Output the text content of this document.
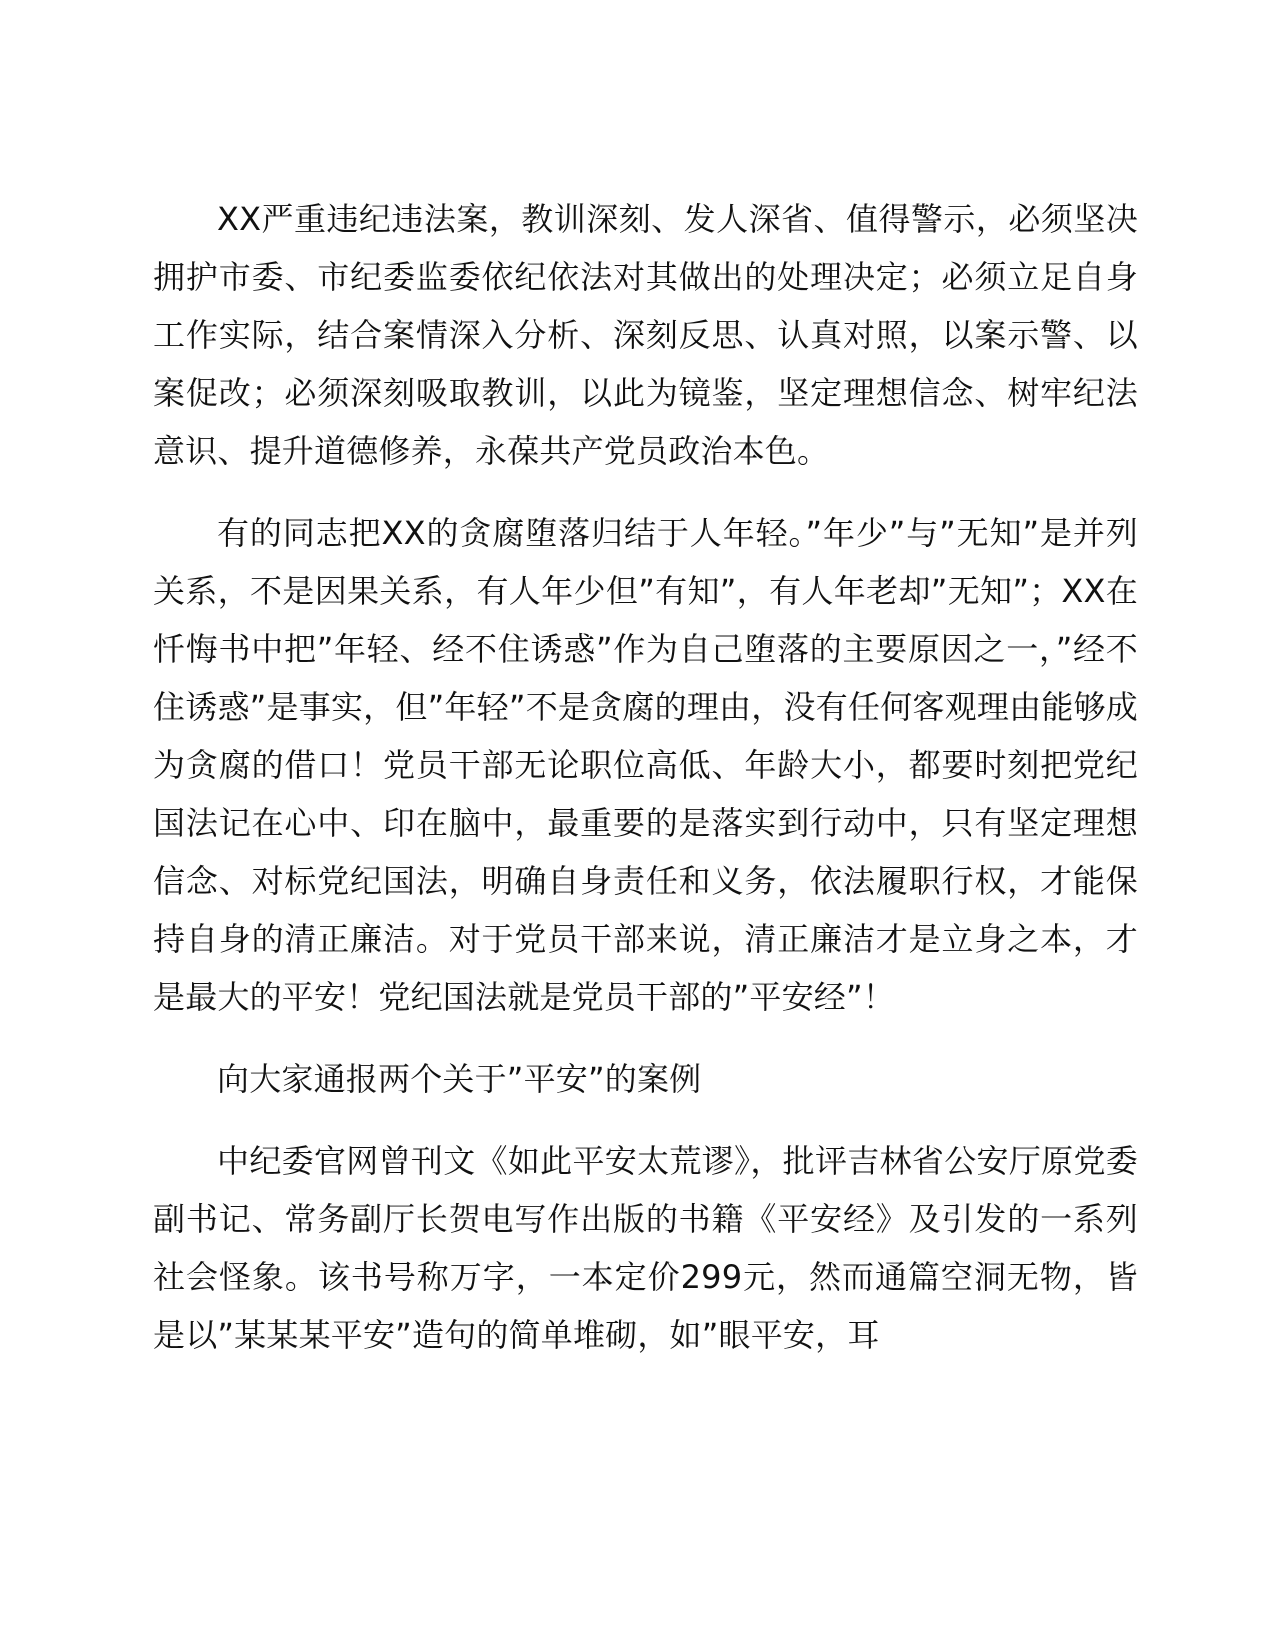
XX严重违纪违法案，教训深刻、发人深省、值得警示，必须坚决拥护市委、市纪委监委依纪依法对其做出的处理决定；必须立足自身工作实际，结合案情深入分析、深刻反思、认真对照，以案示警、以案促改；必须深刻吸取教训，以此为镜鉴，坚定理想信念、树牢纪法意识、提升道德修养，永葆共产党员政治本色。

有的同志把XX的贪腐堕落归结于人年轻。”年少”与”无知”是并列关系，不是因果关系，有人年少但”有知”，有人年老却”无知”；XX在忏悔书中把”年轻、经不住诱惑”作为自己堕落的主要原因之一，”经不住诱惑”是事实，但”年轻”不是贪腐的理由，没有任何客观理由能够成为贪腐的借口！党员干部无论职位高低、年龄大小，都要时刻把党纪国法记在心中、印在脑中，最重要的是落实到行动中，只有坚定理想信念、对标党纪国法，明确自身责任和义务，依法履职行权，才能保持自身的清正廉洁。对于党员干部来说，清正廉洁才是立身之本，才是最大的平安！党纪国法就是党员干部的”平安经”！

向大家通报两个关于”平安”的案例

中纪委官网曾刊文《如此平安太荒谬》，批评吉林省公安厅原党委副书记、常务副厅长贺电写作出版的书籍《平安经》及引发的一系列社会怪象。该书号称万字，一本定价299元，然而通篇空洞无物，皆是以”某某某平安”造句的简单堆砌，如”眼平安，耳
